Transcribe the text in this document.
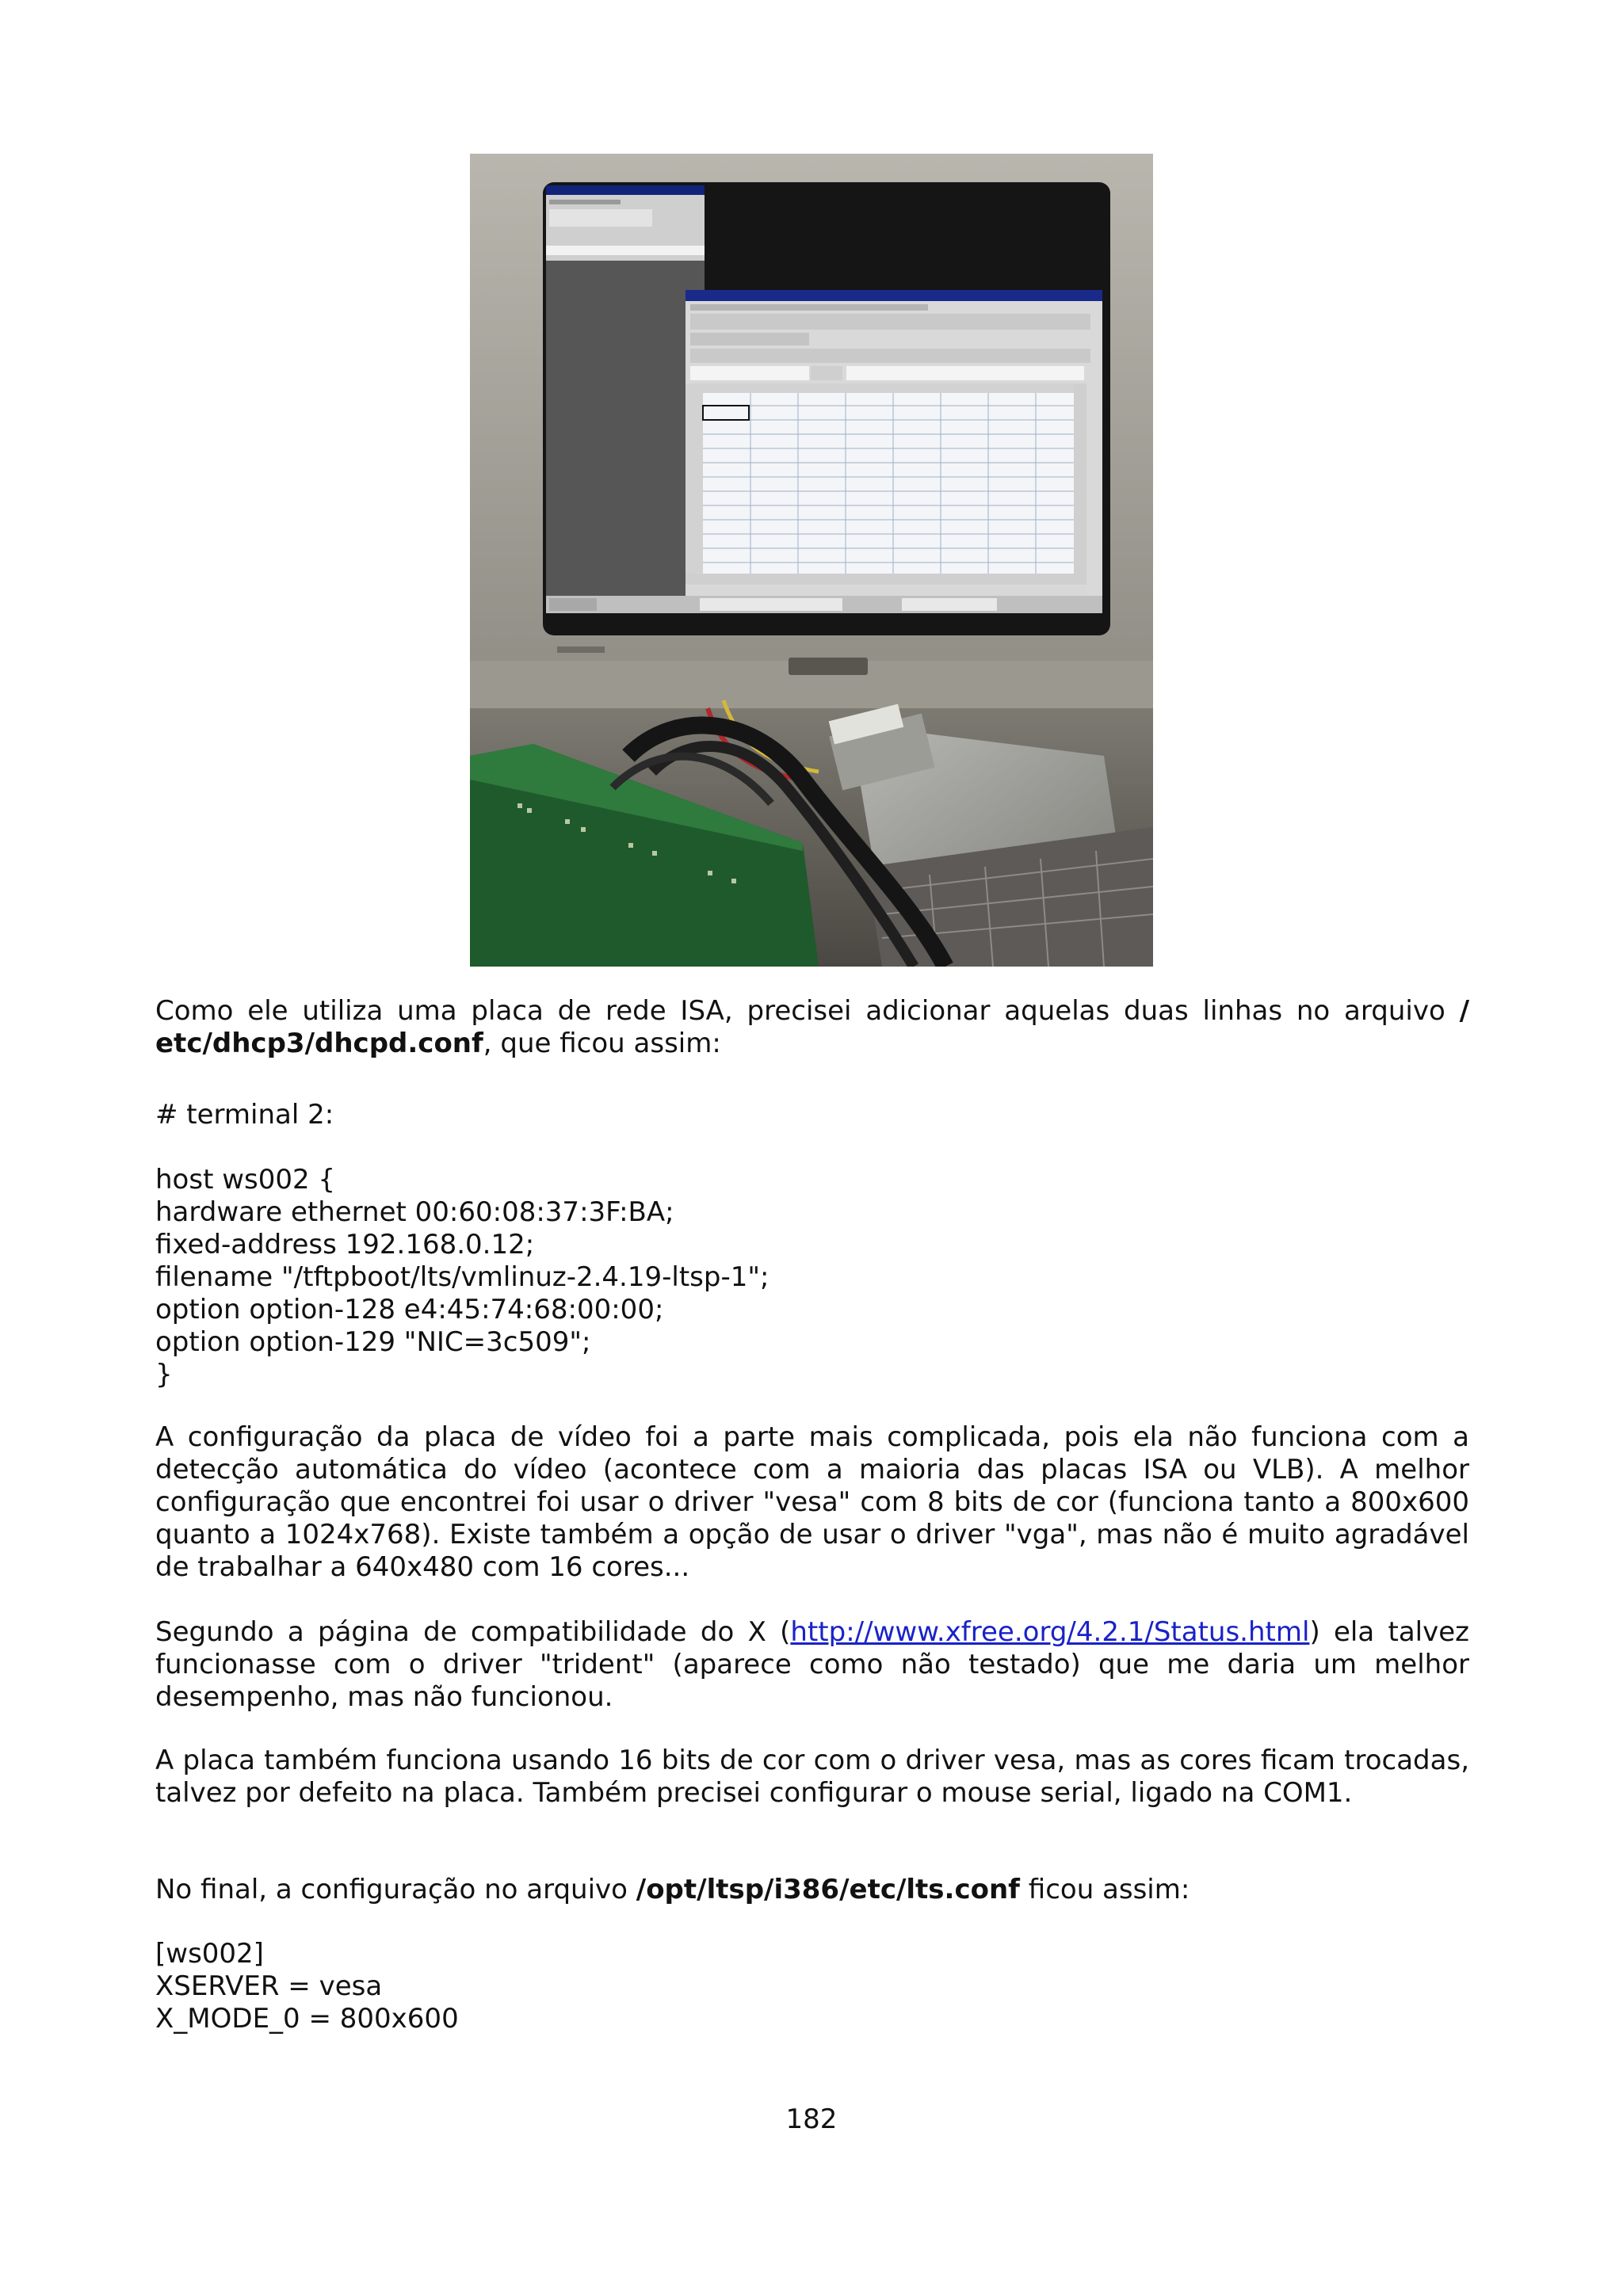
Como ele utiliza uma placa de rede ISA, precisei adicionar aquelas duas linhas no arquivo / etc/dhcp3/dhcpd.conf, que ficou assim:

# terminal 2:
host ws002 {
hardware ethernet 00:60:08:37:3F:BA;
fixed-address 192.168.0.12;
filename "/tftpboot/lts/vmlinuz-2.4.19-ltsp-1";
option option-128 e4:45:74:68:00:00;
option option-129 "NIC=3c509";
}

A configuração da placa de vídeo foi a parte mais complicada, pois ela não funciona com a detecção automática do vídeo (acontece com a maioria das placas ISA ou VLB). A melhor configuração que encontrei foi usar o driver "vesa" com 8 bits de cor (funciona tanto a 800x600 quanto a 1024x768). Existe também a opção de usar o driver "vga", mas não é muito agradável de trabalhar a 640x480 com 16 cores...

Segundo a página de compatibilidade do X (http://www.xfree.org/4.2.1/Status.html) ela talvez funcionasse com o driver "trident" (aparece como não testado) que me daria um melhor desempenho, mas não funcionou.

A placa também funciona usando 16 bits de cor com o driver vesa, mas as cores ficam trocadas, talvez por defeito na placa. Também precisei configurar o mouse serial, ligado na COM1.

No final, a configuração no arquivo /opt/ltsp/i386/etc/lts.conf ficou assim:

[ws002]
XSERVER = vesa
X_MODE_0 = 800x600
182
